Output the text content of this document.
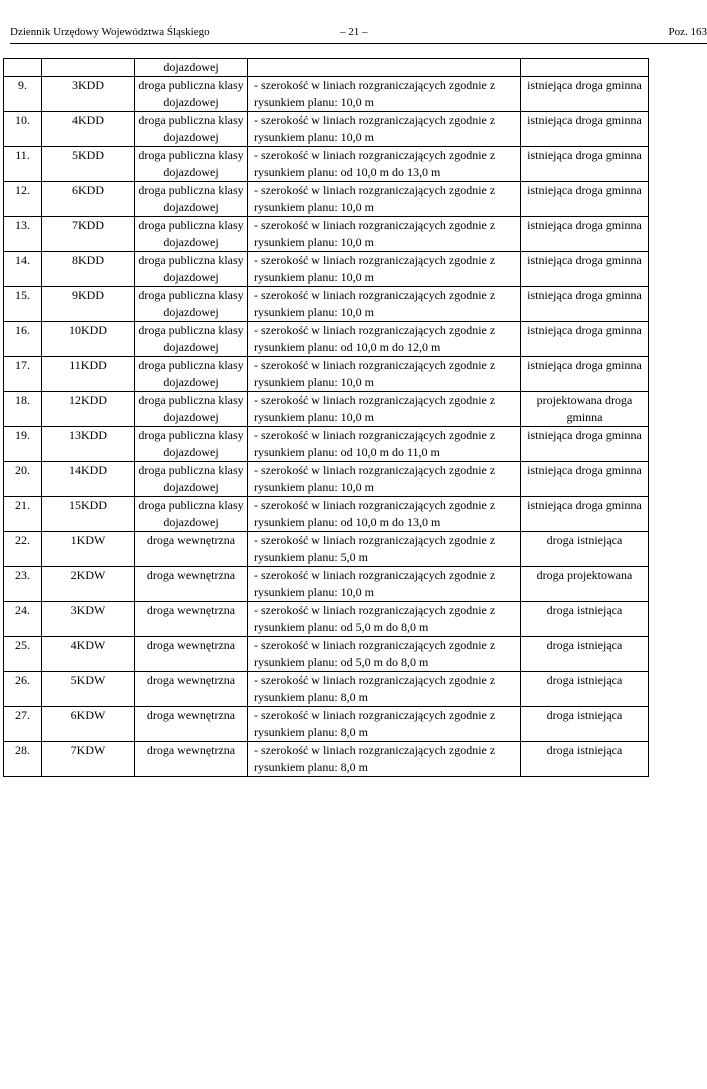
Dziennik Urzędowy Województwa Śląskiego	– 21 –	Poz. 163
		dojazdowej		
9.	3KDD	droga publiczna klasy dojazdowej	- szerokość w liniach rozgraniczających zgodnie z rysunkiem planu: 10,0 m	istniejąca droga gminna
10.	4KDD	droga publiczna klasy dojazdowej	- szerokość w liniach rozgraniczających zgodnie z rysunkiem planu: 10,0 m	istniejąca droga gminna
11.	5KDD	droga publiczna klasy dojazdowej	- szerokość w liniach rozgraniczających zgodnie z rysunkiem planu: od 10,0 m do 13,0 m	istniejąca droga gminna
12.	6KDD	droga publiczna klasy dojazdowej	- szerokość w liniach rozgraniczających zgodnie z rysunkiem planu: 10,0 m	istniejąca droga gminna
13.	7KDD	droga publiczna klasy dojazdowej	- szerokość w liniach rozgraniczających zgodnie z rysunkiem planu: 10,0 m	istniejąca droga gminna
14.	8KDD	droga publiczna klasy dojazdowej	- szerokość w liniach rozgraniczających zgodnie z rysunkiem planu: 10,0 m	istniejąca droga gminna
15.	9KDD	droga publiczna klasy dojazdowej	- szerokość w liniach rozgraniczających zgodnie z rysunkiem planu: 10,0 m	istniejąca droga gminna
16.	10KDD	droga publiczna klasy dojazdowej	- szerokość w liniach rozgraniczających zgodnie z rysunkiem planu: od 10,0 m do 12,0 m	istniejąca droga gminna
17.	11KDD	droga publiczna klasy dojazdowej	- szerokość w liniach rozgraniczających zgodnie z rysunkiem planu: 10,0 m	istniejąca droga gminna
18.	12KDD	droga publiczna klasy dojazdowej	- szerokość w liniach rozgraniczających zgodnie z rysunkiem planu: 10,0 m	projektowana droga gminna
19.	13KDD	droga publiczna klasy dojazdowej	- szerokość w liniach rozgraniczających zgodnie z rysunkiem planu: od 10,0 m do 11,0 m	istniejąca droga gminna
20.	14KDD	droga publiczna klasy dojazdowej	- szerokość w liniach rozgraniczających zgodnie z rysunkiem planu: 10,0 m	istniejąca droga gminna
21.	15KDD	droga publiczna klasy dojazdowej	- szerokość w liniach rozgraniczających zgodnie z rysunkiem planu: od 10,0 m do 13,0 m	istniejąca droga gminna
22.	1KDW	droga wewnętrzna	- szerokość w liniach rozgraniczających zgodnie z rysunkiem planu: 5,0 m	droga istniejąca
23.	2KDW	droga wewnętrzna	- szerokość w liniach rozgraniczających zgodnie z rysunkiem planu: 10,0 m	droga projektowana
24.	3KDW	droga wewnętrzna	- szerokość w liniach rozgraniczających zgodnie z rysunkiem planu: od 5,0 m do 8,0 m	droga istniejąca
25.	4KDW	droga wewnętrzna	- szerokość w liniach rozgraniczających zgodnie z rysunkiem planu: od 5,0 m do 8,0 m	droga istniejąca
26.	5KDW	droga wewnętrzna	- szerokość w liniach rozgraniczających zgodnie z rysunkiem planu: 8,0 m	droga istniejąca
27.	6KDW	droga wewnętrzna	- szerokość w liniach rozgraniczających zgodnie z rysunkiem planu: 8,0 m	droga istniejąca
28.	7KDW	droga wewnętrzna	- szerokość w liniach rozgraniczających zgodnie z rysunkiem planu: 8,0 m	droga istniejąca
